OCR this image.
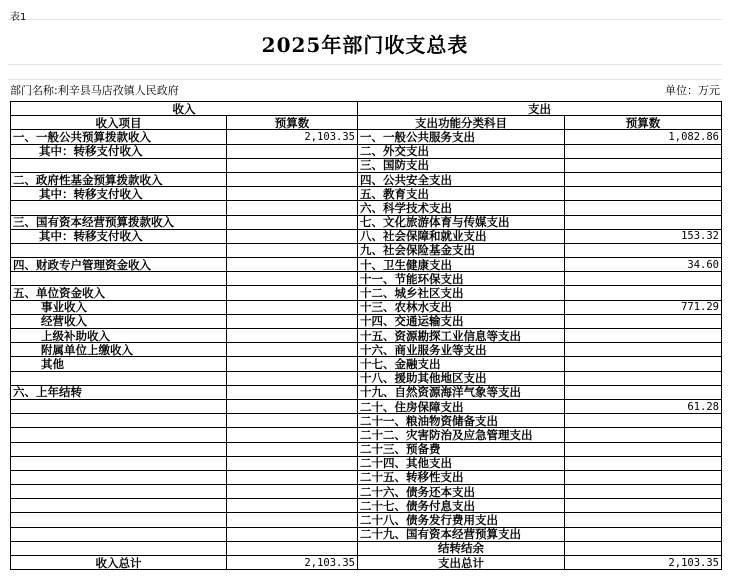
表1
2025年部门收支总表
部门名称:利辛县马店孜镇人民政府	单位：万元
收入		支出	
收入项目	预算数	支出功能分类科目	预算数
一、一般公共预算拨款收入	2,103.35	一、一般公共服务支出	1,082.86
其中：转移支付收入		二、外交支出	
		三、国防支出	
二、政府性基金预算拨款收入		四、公共安全支出	
其中：转移支付收入		五、教育支出	
		六、科学技术支出	
三、国有资本经营预算拨款收入		七、文化旅游体育与传媒支出	
其中：转移支付收入		八、社会保障和就业支出	153.32
		九、社会保险基金支出	
四、财政专户管理资金收入		十、卫生健康支出	34.60
		十一、节能环保支出	
五、单位资金收入		十二、城乡社区支出	
事业收入		十三、农林水支出	771.29
经营收入		十四、交通运输支出	
上级补助收入		十五、资源勘探工业信息等支出	
附属单位上缴收入		十六、商业服务业等支出	
其他		十七、金融支出	
		十八、援助其他地区支出	
六、上年结转		十九、自然资源海洋气象等支出	
		二十、住房保障支出	61.28
		二十一、粮油物资储备支出	
		二十二、灾害防治及应急管理支出	
		二十三、预备费	
		二十四、其他支出	
		二十五、转移性支出	
		二十六、债务还本支出	
		二十七、债务付息支出	
		二十八、债务发行费用支出	
		二十九、国有资本经营预算支出	
		结转结余	
收入总计	2,103.35	支出总计	2,103.35
